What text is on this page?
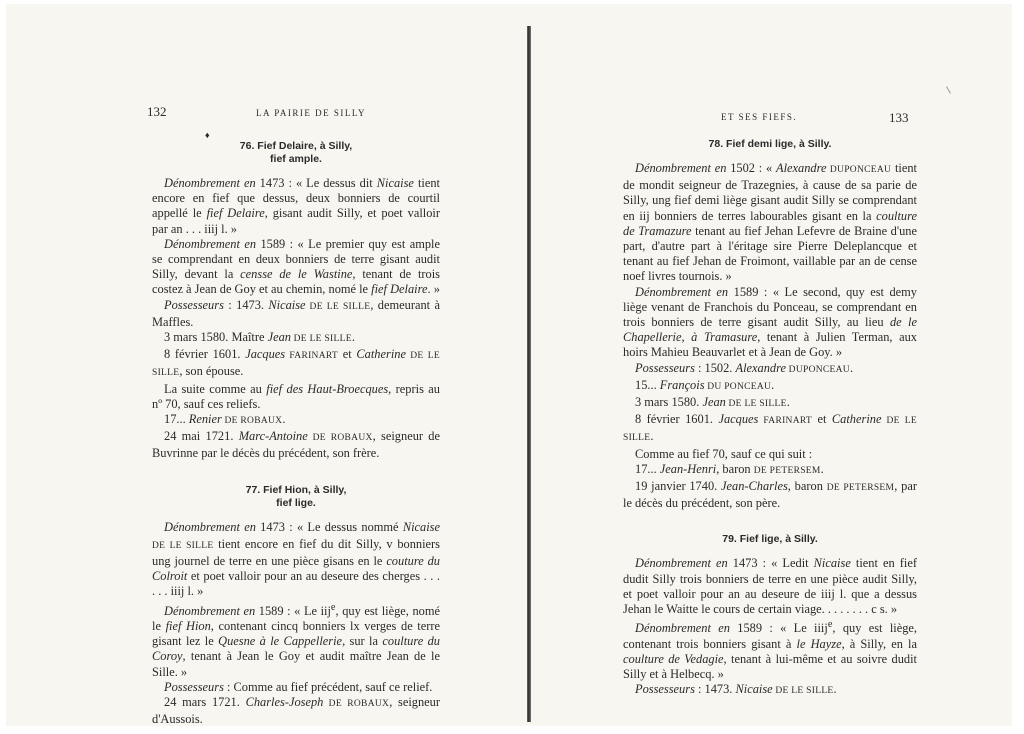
132	LA PAIRIE DE SILLY
♦
76. Fief Delaire, à Silly,
fief ample.

Dénombrement en 1473 : « Le dessus dit Nicaise tient encore en fief que dessus, deux bonniers de courtil appellé le fief Delaire, gisant audit Silly, et poet valloir par an . . . iiij l. »

Dénombrement en 1589 : « Le premier quy est ample se comprendant en deux bonniers de terre gisant audit Silly, devant la censse de le Wastine, tenant de trois costez à Jean de Goy et au chemin, nomé le fief Delaire. »

Possesseurs : 1473. Nicaise DE LE SILLE, demeurant à Maffles.

3 mars 1580. Maître Jean DE LE SILLE.

8 février 1601. Jacques FARINART et Catherine DE LE SILLE, son épouse.

La suite comme au fief des Haut-Broecques, repris au nº 70, sauf ces reliefs.

17... Renier DE ROBAUX.

24 mai 1721. Marc-Antoine DE ROBAUX, seigneur de Buvrinne par le décès du précédent, son frère.

77. Fief Hion, à Silly,
fief lige.

Dénombrement en 1473 : « Le dessus nommé Nicaise DE LE SILLE tient encore en fief du dit Silly, v bonniers ung journel de terre en une pièce gisans en le couture du Colroit et poet valloir pour an au deseure des cherges . . . . . . iiij l. »

Dénombrement en 1589 : « Le iij$^e$, quy est liège, nomé le fief Hion, contenant cincq bonniers lx verges de terre gisant lez le Quesne à le Cappellerie, sur la coulture du Coroy, tenant à Jean le Goy et audit maître Jean de le Sille. »

Possesseurs : Comme au fief précédent, sauf ce relief.

24 mars 1721. Charles-Joseph DE ROBAUX, seigneur d'Aussois.

ET SES FIEFS.	133
78. Fief demi lige, à Silly.

Dénombrement en 1502 : « Alexandre DUPONCEAU tient de mondit seigneur de Trazegnies, à cause de sa parie de Silly, ung fief demi liège gisant audit Silly se comprendant en iij bonniers de terres labourables gisant en la coulture de Tramazure tenant au fief Jehan Lefevre de Braine d'une part, d'autre part à l'éritage sire Pierre Deleplancque et tenant au fief Jehan de Froimont, vaillable par an de cense noef livres tournois. »

Dénombrement en 1589 : « Le second, quy est demy liège venant de Franchois du Ponceau, se comprendant en trois bonniers de terre gisant audit Silly, au lieu de le Chapellerie, à Tramasure, tenant à Julien Terman, aux hoirs Mahieu Beauvarlet et à Jean de Goy. »

Possesseurs : 1502. Alexandre DUPONCEAU.

15... François DU PONCEAU.

3 mars 1580. Jean DE LE SILLE.

8 février 1601. Jacques FARINART et Catherine DE LE SILLE.

Comme au fief 70, sauf ce qui suit :

17... Jean-Henri, baron DE PETERSEM.

19 janvier 1740. Jean-Charles, baron DE PETERSEM, par le décès du précédent, son père.

79. Fief lige, à Silly.

Dénombrement en 1473 : « Ledit Nicaise tient en fief dudit Silly trois bonniers de terre en une pièce audit Silly, et poet valloir pour an au deseure de iiij l. que a dessus Jehan le Waitte le cours de certain viage. . . . . . . . c s. »

Dénombrement en 1589 : « Le iiij$^e$, quy est liège, contenant trois bonniers gisant à le Hayze, à Silly, en la coulture de Vedagie, tenant à lui-même et au soivre dudit Silly et à Helbecq. »

Possesseurs : 1473. Nicaise DE LE SILLE.
